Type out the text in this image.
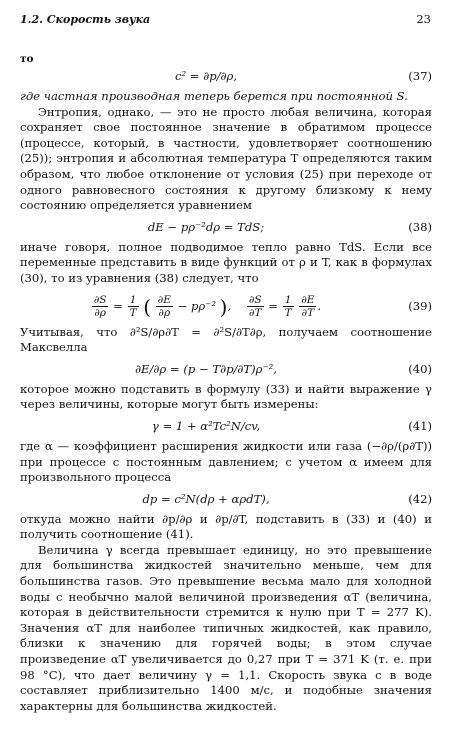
1.2. Скорость звука	23
то
c² = ∂p/∂ρ,	(37)

где частная производная теперь берется при постоянной S.

Энтропия, однако, — это не просто любая величина, которая сохраняет свое постоянное значение в обратимом процессе (процессе, который, в частности, удовлетворяет соотношению (25)); энтропия и абсолютная температура T определяются таким образом, что любое отклонение от условия (25) при переходе от одного равновесного состояния к другому близкому к нему состоянию определяется уравнением

dE − pρ⁻²dρ = TdS;	(38)

иначе говоря, полное подводимое тепло равно TdS. Если все переменные представить в виде функций от ρ и T, как в формулах (30), то из уравнения (38) следует, что

$\frac{\partial S}{\partial\rho} = \frac{1}{T}$ ( $\frac{\partial E}{\partial\rho} - p\rho^{-2}$ ), $\frac{\partial S}{\partial T} = \frac{1}{T}$
$\frac{\partial E}{\partial T}$ .	(39)

Учитывая, что ∂²S/∂ρ∂T = ∂²S/∂T∂ρ, получаем соотношение Максвелла

∂E/∂ρ = (p − T∂p/∂T)ρ⁻²,	(40)

которое можно подставить в формулу (33) и найти выражение γ через величины, которые могут быть измерены:

γ = 1 + α²Tc²N/cv,	(41)

где α — коэффициент расширения жидкости или газа (−∂ρ/(ρ∂T)) при процессе с постоянным давлением; с учетом α имеем для произвольного процесса

dp = c²N(dρ + αρdT),	(42)

откуда можно найти ∂p/∂ρ и ∂p/∂T, подставить в (33) и (40) и получить соотношение (41).

Величина γ всегда превышает единицу, но это превышение для большинства жидкостей значительно меньше, чем для большинства газов. Это превышение весьма мало для холодной воды с необычно малой величиной произведения αT (величина, которая в действительности стремится к нулю при T = 277 K). Значения αT для наиболее типичных жидкостей, как правило, близки к значению для горячей воды; в этом случае произведение αT увеличивается до 0,27 при T = 371 K (т. е. при 98 °C), что дает величину γ = 1,1. Скорость звука c в воде составляет приблизительно 1400 м/с, и подобные значения характерны для большинства жидкостей.
